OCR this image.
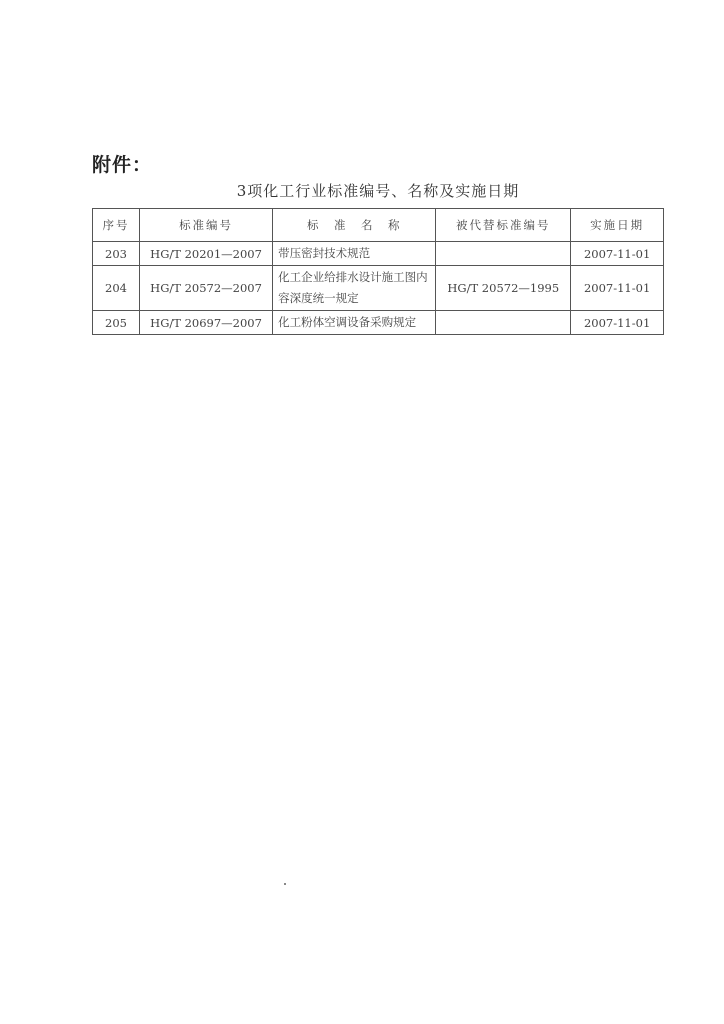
附件：
3项化工行业标准编号、名称及实施日期
序号	标准编号	标　准　名　称	被代替标准编号	实施日期
203	HG/T 20201—2007	带压密封技术规范		2007-11-01
204	HG/T 20572—2007	化工企业给排水设计施工图内容深度统一规定	HG/T 20572—1995	2007-11-01
205	HG/T 20697—2007	化工粉体空调设备采购规定		2007-11-01
